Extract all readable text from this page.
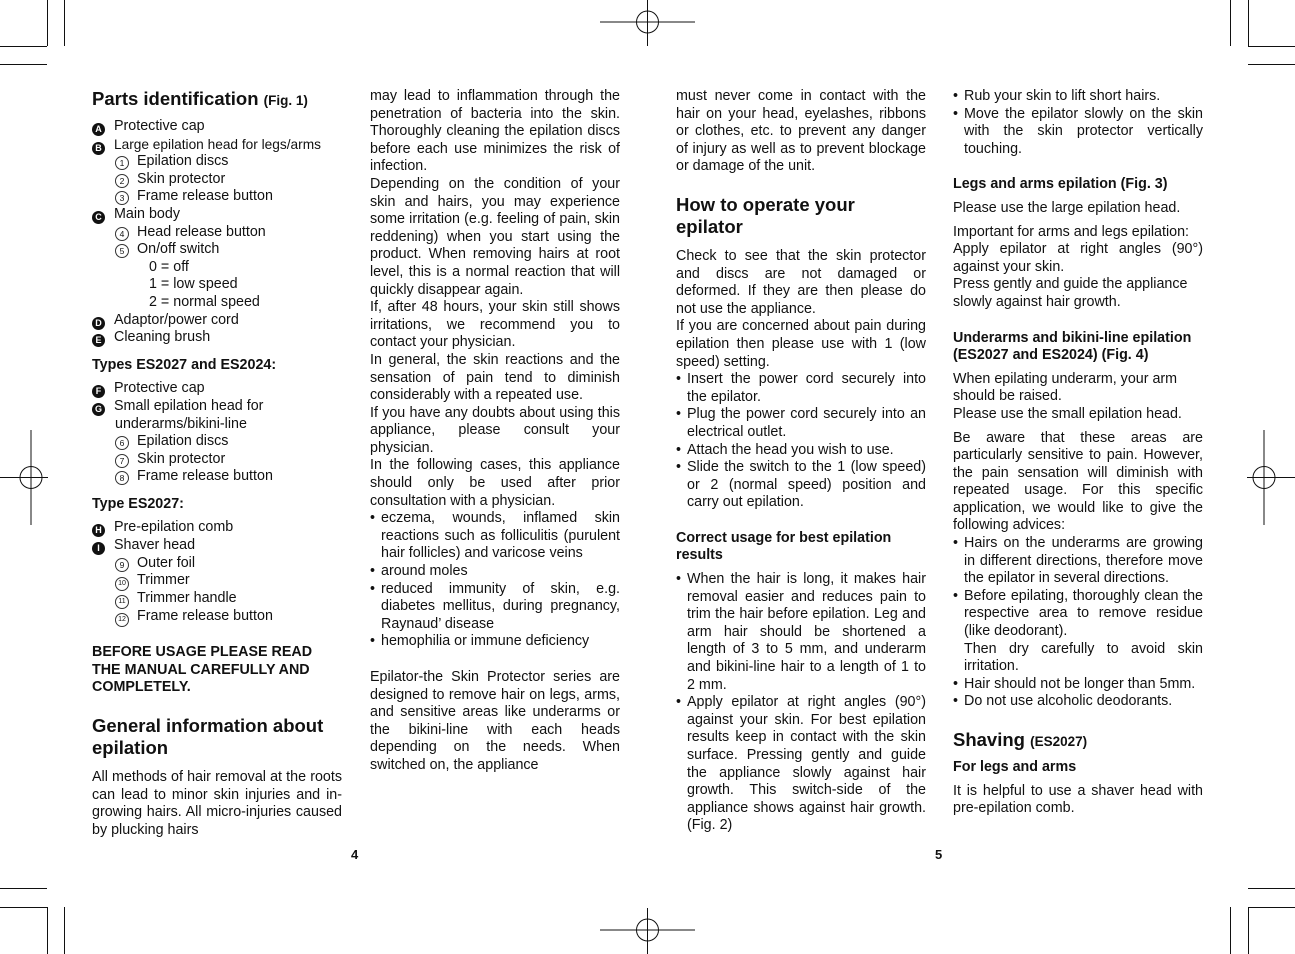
Parts identification (Fig. 1)

A Protective cap
B Large epilation head for legs/arms
1 Epilation discs
2 Skin protector
3 Frame release button
C Main body
4 Head release button
5 On/off switch

0 = off

1 = low speed

2 = normal speed

D Adaptor/power cord
E Cleaning brush

Types ES2027 and ES2024:

F Protective cap
G Small epilation head for

underarms/bikini-line

6 Epilation discs
7 Skin protector
8 Frame release button

Type ES2027:

H Pre-epilation comb
I Shaver head
9 Outer foil
10 Trimmer
11 Trimmer handle
12 Frame release button

BEFORE USAGE PLEASE READ THE MANUAL CAREFULLY AND COMPLETELY.

General information about epilation

All methods of hair removal at the roots can lead to minor skin injuries and in-growing hairs. All micro-injuries caused by plucking hairs

may lead to inflammation through the penetration of bacteria into the skin. Thoroughly cleaning the epilation discs before each use minimizes the risk of infection.

Depending on the condition of your skin and hairs, you may experience some irritation (e.g. feeling of pain, skin reddening) when you start using the product. When removing hairs at root level, this is a normal reaction that will quickly disappear again.

If, after 48 hours, your skin still shows irritations, we recommend you to contact your physician.

In general, the skin reactions and the sensation of pain tend to diminish considerably with a repeated use.

If you have any doubts about using this appliance, please consult your physician.

In the following cases, this appliance should only be used after prior consultation with a physician.

• eczema, wounds, inflamed skin reactions such as folliculitis (purulent hair follicles) and varicose veins
• around moles
• reduced immunity of skin, e.g. diabetes mellitus, during pregnancy, Raynaud’ disease
• hemophilia or immune deficiency

Epilator-the Skin Protector series are designed to remove hair on legs, arms, and sensitive areas like underarms or the bikini-line with each heads depending on the needs. When switched on, the appliance

must never come in contact with the hair on your head, eyelashes, ribbons or clothes, etc. to prevent any danger of injury as well as to prevent blockage or damage of the unit.

How to operate your epilator

Check to see that the skin protector and discs are not damaged or deformed. If they are then please do not use the appliance.

If you are concerned about pain during epilation then please use with 1 (low speed) setting.

• Insert the power cord securely into the epilator.
• Plug the power cord securely into an electrical outlet.
• Attach the head you wish to use.
• Slide the switch to the 1 (low speed) or 2 (normal speed) position and carry out epilation.

Correct usage for best epilation results

• When the hair is long, it makes hair removal easier and reduces pain to trim the hair before epilation. Leg and arm hair should be shortened a length of 3 to 5 mm, and underarm and bikini-line hair to a length of 1 to 2 mm.
• Apply epilator at right angles (90°) against your skin. For best epilation results keep in contact with the skin surface. Pressing gently and guide the appliance slowly against hair growth. This switch-side of the appliance shows against hair growth. (Fig. 2)
• Rub your skin to lift short hairs.
• Move the epilator slowly on the skin with the skin protector vertically touching.

Legs and arms epilation (Fig. 3)

Please use the large epilation head.

Important for arms and legs epilation:

Apply epilator at right angles (90°) against your skin.

Press gently and guide the appliance slowly against hair growth.

Underarms and bikini-line epilation (ES2027 and ES2024) (Fig. 4)

When epilating underarm, your arm should be raised.

Please use the small epilation head.

Be aware that these areas are particularly sensitive to pain. However, the pain sensation will diminish with repeated usage. For this specific application, we would like to give the following advices:

• Hairs on the underarms are growing in different directions, therefore move the epilator in several directions.
• Before epilating, thoroughly clean the respective area to remove residue (like deodorant).
Then dry carefully to avoid skin irritation.
• Hair should not be longer than 5mm.
• Do not use alcoholic deodorants.

Shaving (ES2027)

For legs and arms

It is helpful to use a shaver head with pre-epilation comb.

4	5
